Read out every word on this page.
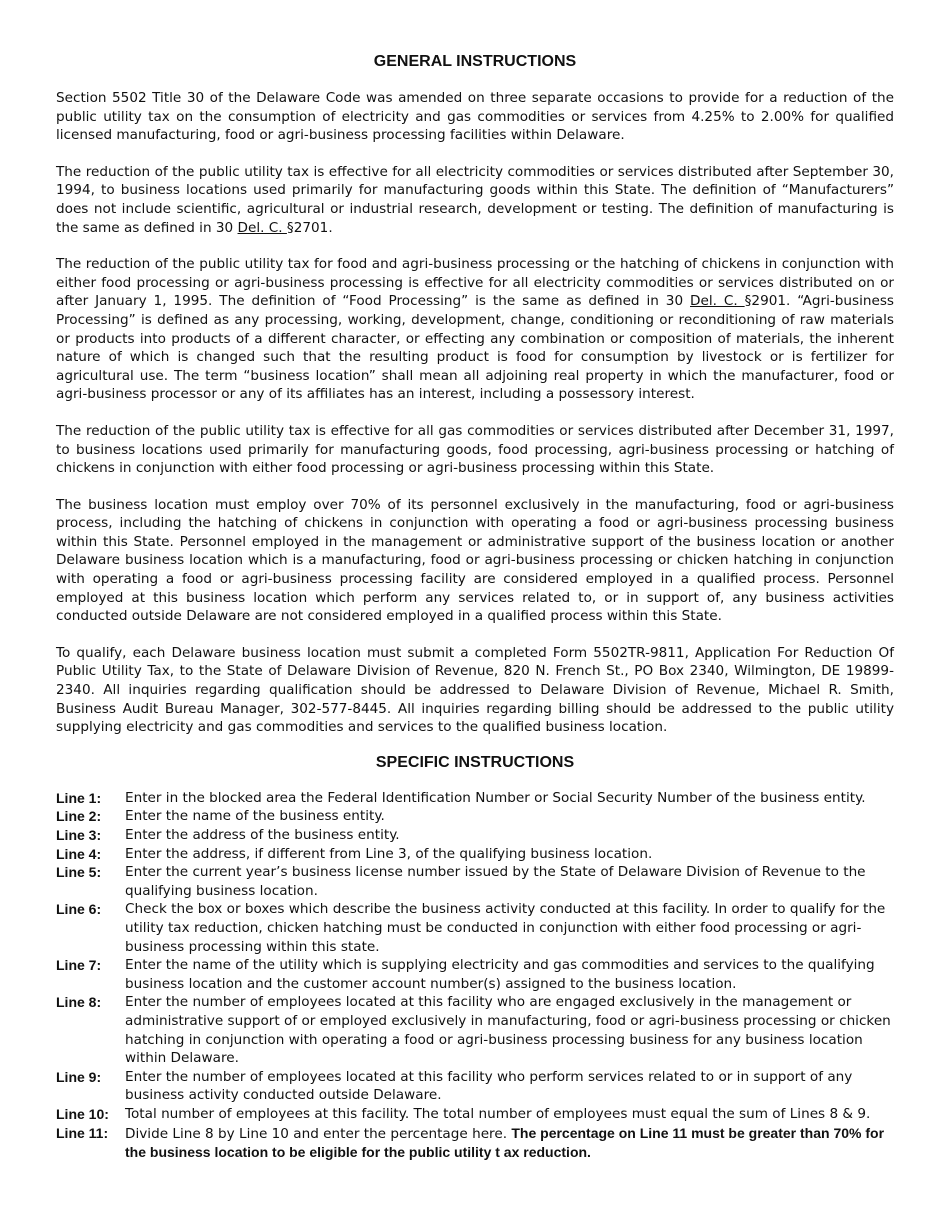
GENERAL INSTRUCTIONS

Section 5502 Title 30 of the Delaware Code was amended on three separate occasions to provide for a reduction of the public utility tax on the consumption of electricity and gas commodities or services from 4.25% to 2.00% for qualified licensed manufacturing, food or agri-business processing facilities within Delaware.

The reduction of the public utility tax is effective for all electricity commodities or services distributed after September 30, 1994, to business locations used primarily for manufacturing goods within this State. The definition of “Manufacturers” does not include scientific, agricultural or industrial research, development or testing. The definition of manufacturing is the same as defined in 30 Del. C. §2701.

The reduction of the public utility tax for food and agri-business processing or the hatching of chickens in conjunction with either food processing or agri-business processing is effective for all electricity commodities or services distributed on or after January 1, 1995. The definition of “Food Processing” is the same as defined in 30 Del. C. §2901. “Agri-business Processing” is defined as any processing, working, development, change, conditioning or reconditioning of raw materials or products into products of a different character, or effecting any combination or composition of materials, the inherent nature of which is changed such that the resulting product is food for consumption by livestock or is fertilizer for agricultural use. The term “business location” shall mean all adjoining real property in which the manufacturer, food or agri-business processor or any of its affiliates has an interest, including a possessory interest.

The reduction of the public utility tax is effective for all gas commodities or services distributed after December 31, 1997, to business locations used primarily for manufacturing goods, food processing, agri-business processing or hatching of chickens in conjunction with either food processing or agri-business processing within this State.

The business location must employ over 70% of its personnel exclusively in the manufacturing, food or agri-business process, including the hatching of chickens in conjunction with operating a food or agri-business processing business within this State. Personnel employed in the management or administrative support of the business location or another Delaware business location which is a manufacturing, food or agri-business processing or chicken hatching in conjunction with operating a food or agri-business processing facility are considered employed in a qualified process. Personnel employed at this business location which perform any services related to, or in support of, any business activities conducted outside Delaware are not considered employed in a qualified process within this State.

To qualify, each Delaware business location must submit a completed Form 5502TR-9811, Application For Reduction Of Public Utility Tax, to the State of Delaware Division of Revenue, 820 N. French St., PO Box 2340, Wilmington, DE 19899-2340. All inquiries regarding qualification should be addressed to Delaware Division of Revenue, Michael R. Smith, Business Audit Bureau Manager, 302-577-8445. All inquiries regarding billing should be addressed to the public utility supplying electricity and gas commodities and services to the qualified business location.

SPECIFIC INSTRUCTIONS
Line 1:	Enter in the blocked area the Federal Identification Number or Social Security Number of the business entity.
Line 2:	Enter the name of the business entity.
Line 3:	Enter the address of the business entity.
Line 4:	Enter the address, if different from Line 3, of the qualifying business location.
Line 5:	Enter the current year’s business license number issued by the State of Delaware Division of Revenue to the qualifying business location.
Line 6:	Check the box or boxes which describe the business activity conducted at this facility. In order to qualify for the utility tax reduction, chicken hatching must be conducted in conjunction with either food processing or agri-business processing within this state.
Line 7:	Enter the name of the utility which is supplying electricity and gas commodities and services to the qualifying business location and the customer account number(s) assigned to the business location.
Line 8:	Enter the number of employees located at this facility who are engaged exclusively in the management or administrative support of or employed exclusively in manufacturing, food or agri-business processing or chicken hatching in conjunction with operating a food or agri-business processing business for any business location within Delaware.
Line 9:	Enter the number of employees located at this facility who perform services related to or in support of any business activity conducted outside Delaware.
Line 10:	Total number of employees at this facility. The total number of employees must equal the sum of Lines 8 & 9.
Line 11:	Divide Line 8 by Line 10 and enter the percentage here. The percentage on Line 11 must be greater than 70% for the business location to be eligible for the public utility t ax reduction.
